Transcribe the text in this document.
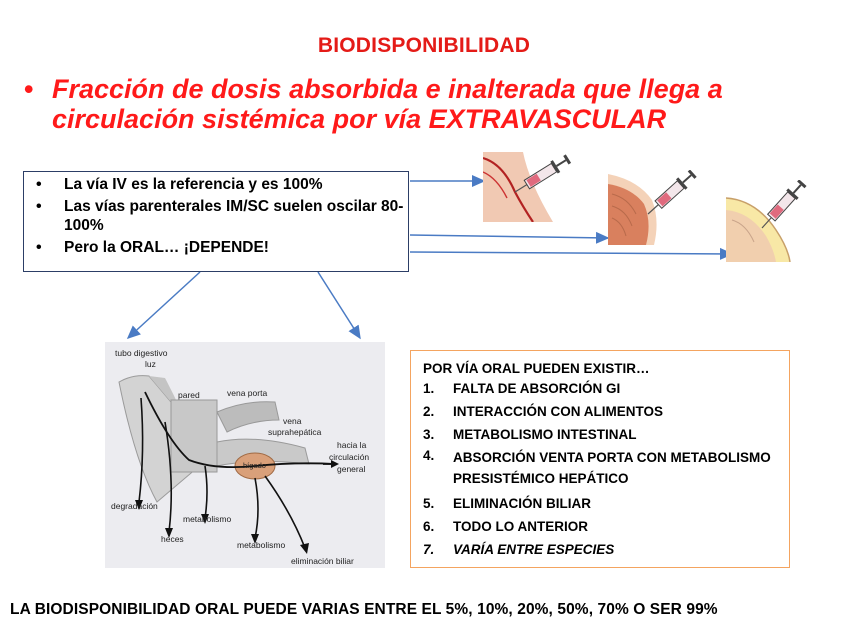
BIODISPONIBILIDAD
• Fracción de dosis absorbida e inalterada que llega a circulación sistémica por vía EXTRAVASCULAR
• La vía IV es la referencia y es 100%
• Las vías parenterales IM/SC suelen oscilar 80-100%
• Pero la ORAL… ¡DEPENDE!
tubo digestivo
luz
pared	vena porta
vena
suprahepática
hígado
hacia la
circulación
general
degradación
metabolismo
heces
metabolismo
eliminación biliar
POR VÍA ORAL PUEDEN EXISTIR…
1. FALTA DE ABSORCIÓN GI
2. INTERACCIÓN CON ALIMENTOS
3. METABOLISMO INTESTINAL
4. ABSORCIÓN VENTA PORTA CON METABOLISMO PRESISTÉMICO HEPÁTICO
5. ELIMINACIÓN BILIAR
6. TODO LO ANTERIOR
7. VARÍA ENTRE ESPECIES
LA BIODISPONIBILIDAD ORAL PUEDE VARIAS ENTRE EL 5%, 10%, 20%, 50%, 70% O SER 99%
